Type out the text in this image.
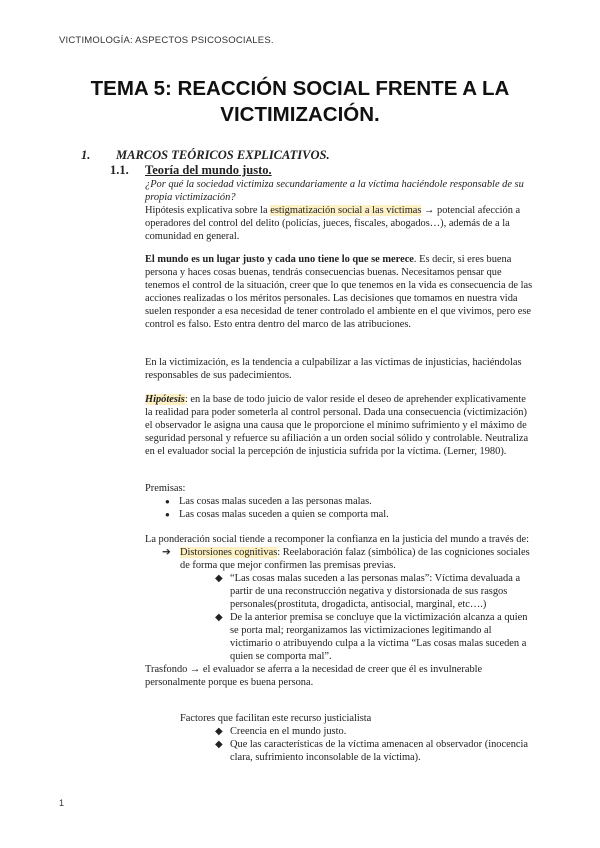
VICTIMOLOGÍA: ASPECTOS PSICOSOCIALES.
TEMA 5: REACCIÓN SOCIAL FRENTE A LA
VICTIMIZACIÓN.
1. MARCOS TEÓRICOS EXPLICATIVOS.
1.1. Teoría del mundo justo.
¿Por qué la sociedad victimiza secundariamente a la víctima haciéndole responsable de su propia victimización?
Hipótesis explicativa sobre la estigmatización social a las víctimas → potencial afección a operadores del control del delito (policías, jueces, fiscales, abogados…), además de a la comunidad en general.
El mundo es un lugar justo y cada uno tiene lo que se merece. Es decir, si eres buena persona y haces cosas buenas, tendrás consecuencias buenas. Necesitamos pensar que tenemos el control de la situación, creer que lo que tenemos en la vida es consecuencia de las acciones realizadas o los méritos personales. Las decisiones que tomamos en nuestra vida suelen responder a esa necesidad de tener controlado el ambiente en el que vivimos, pero ese control es falso. Esto entra dentro del marco de las atribuciones.
En la victimización, es la tendencia a culpabilizar a las víctimas de injusticias, haciéndolas responsables de sus padecimientos.
Hipótesis: en la base de todo juicio de valor reside el deseo de aprehender explicativamente la realidad para poder someterla al control personal. Dada una consecuencia (victimización) el observador le asigna una causa que le proporcione el mínimo sufrimiento y el máximo de seguridad personal y refuerce su afiliación a un orden social sólido y controlable. Neutraliza en el evaluador social la percepción de injusticia sufrida por la víctima. (Lerner, 1980).
Premisas:
● Las cosas malas suceden a las personas malas.
● Las cosas malas suceden a quien se comporta mal.
La ponderación social tiende a recomponer la confianza en la justicia del mundo a través de:
➔ Distorsiones cognitivas: Reelaboración falaz (simbólica) de las cogniciones sociales de forma que mejor confirmen las premisas previas.
◆ “Las cosas malas suceden a las personas malas”: Víctima devaluada a partir de una reconstrucción negativa y distorsionada de sus rasgos personales(prostituta, drogadicta, antisocial, marginal, etc….)
◆ De la anterior premisa se concluye que la victimización alcanza a quien se porta mal; reorganizamos las victimizaciones legitimando al victimario o atribuyendo culpa a la víctima “Las cosas malas suceden a quien se comporta mal”.
Trasfondo → el evaluador se aferra a la necesidad de creer que él es invulnerable personalmente porque es buena persona.
Factores que facilitan este recurso justicialista
◆ Creencia en el mundo justo.
◆ Que las características de la víctima amenacen al observador (inocencia clara, sufrimiento inconsolable de la víctima).
1
